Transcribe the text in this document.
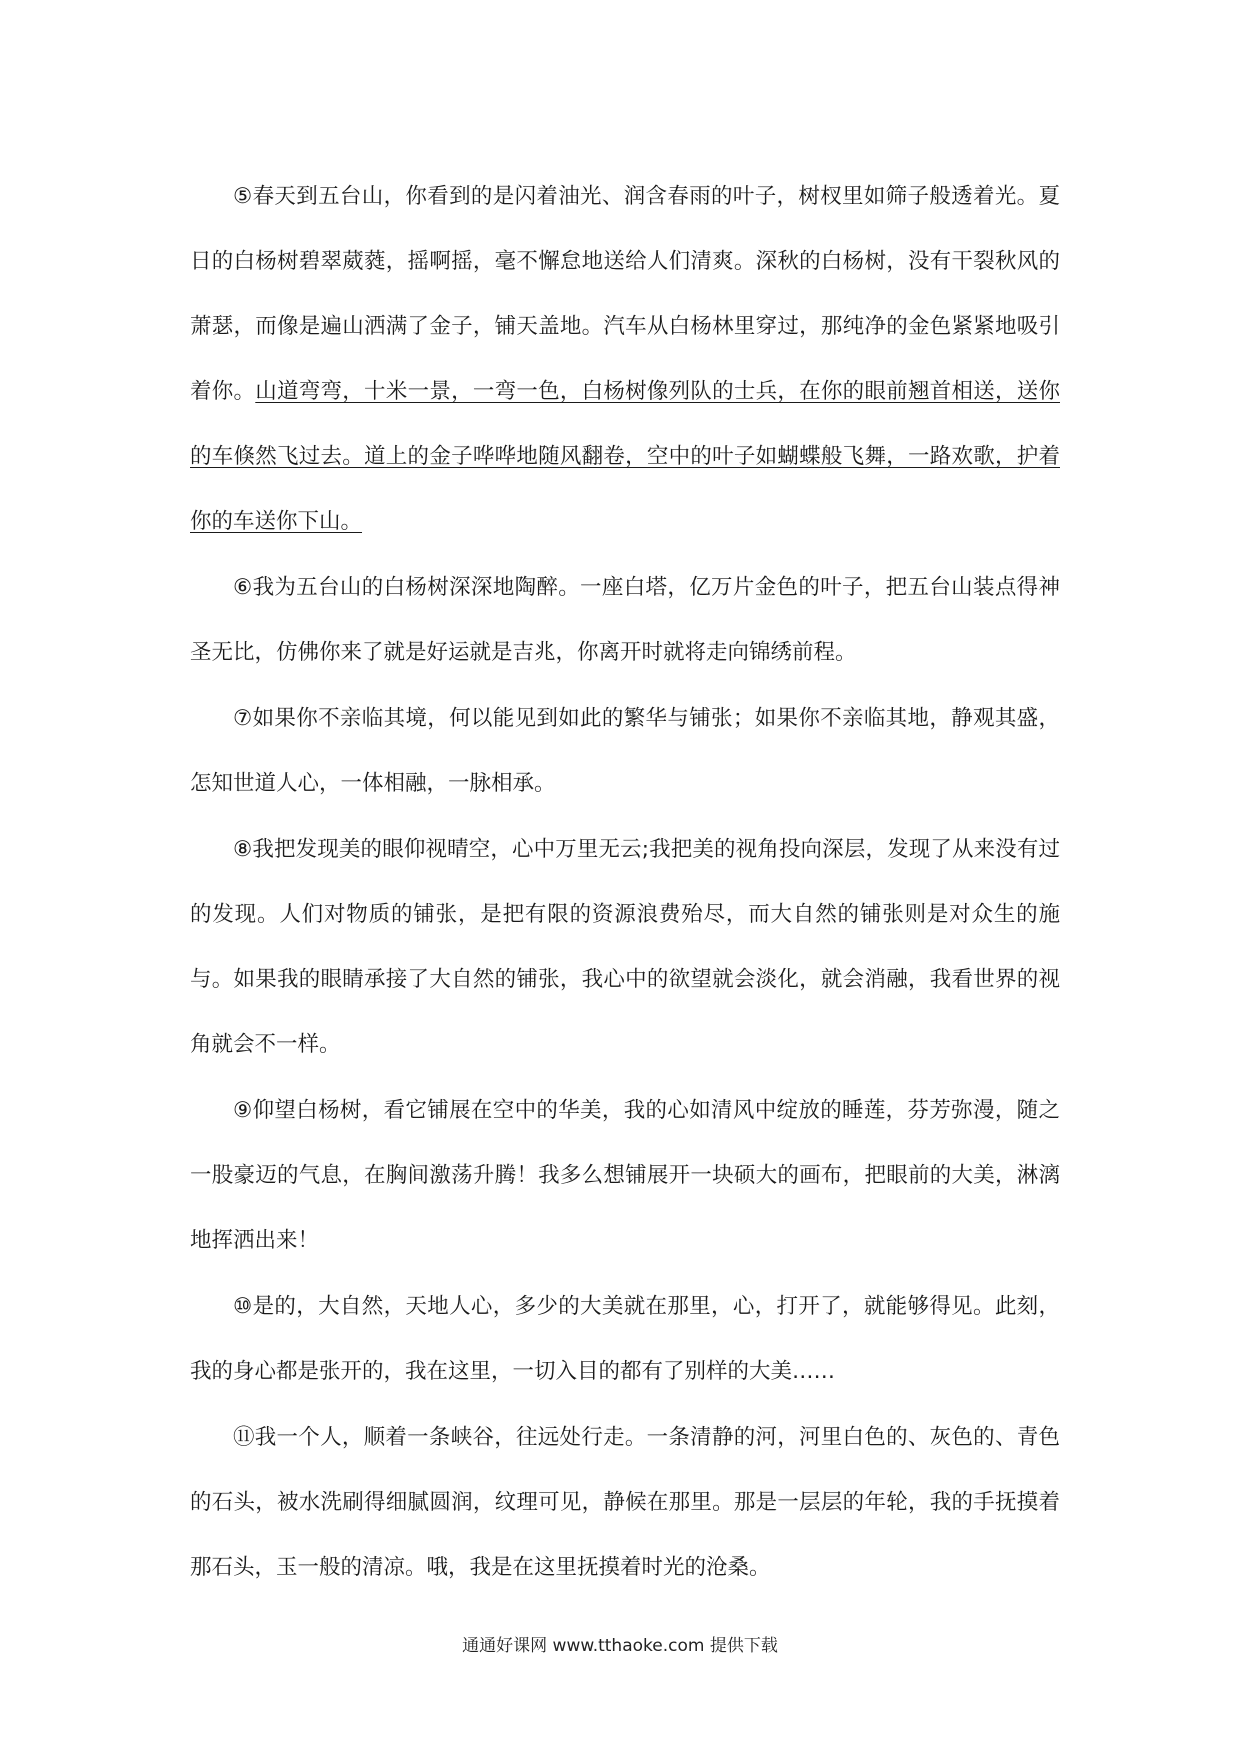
⑤春天到五台山，你看到的是闪着油光、润含春雨的叶子，树杈里如筛子般透着光。夏日的白杨树碧翠葳蕤，摇啊摇，毫不懈怠地送给人们清爽。深秋的白杨树，没有干裂秋风的萧瑟，而像是遍山洒满了金子，铺天盖地。汽车从白杨林里穿过，那纯净的金色紧紧地吸引着你。山道弯弯，十米一景，一弯一色，白杨树像列队的士兵，在你的眼前翘首相送，送你的车倏然飞过去。道上的金子哗哗地随风翻卷，空中的叶子如蝴蝶般飞舞，一路欢歌，护着你的车送你下山。

⑥我为五台山的白杨树深深地陶醉。一座白塔，亿万片金色的叶子，把五台山装点得神圣无比，仿佛你来了就是好运就是吉兆，你离开时就将走向锦绣前程。

⑦如果你不亲临其境，何以能见到如此的繁华与铺张；如果你不亲临其地，静观其盛，怎知世道人心，一体相融，一脉相承。

⑧我把发现美的眼仰视晴空，心中万里无云;我把美的视角投向深层，发现了从来没有过的发现。人们对物质的铺张，是把有限的资源浪费殆尽，而大自然的铺张则是对众生的施与。如果我的眼睛承接了大自然的铺张，我心中的欲望就会淡化，就会消融，我看世界的视角就会不一样。

⑨仰望白杨树，看它铺展在空中的华美，我的心如清风中绽放的睡莲，芬芳弥漫，随之一股豪迈的气息，在胸间激荡升腾！我多么想铺展开一块硕大的画布，把眼前的大美，淋漓地挥洒出来！

⑩是的，大自然，天地人心，多少的大美就在那里，心，打开了，就能够得见。此刻，我的身心都是张开的，我在这里，一切入目的都有了别样的大美……

⑪我一个人，顺着一条峡谷，往远处行走。一条清静的河，河里白色的、灰色的、青色的石头，被水洗刷得细腻圆润，纹理可见，静候在那里。那是一层层的年轮，我的手抚摸着那石头，玉一般的清凉。哦，我是在这里抚摸着时光的沧桑。

通通好课网 www.tthaoke.com 提供下载
